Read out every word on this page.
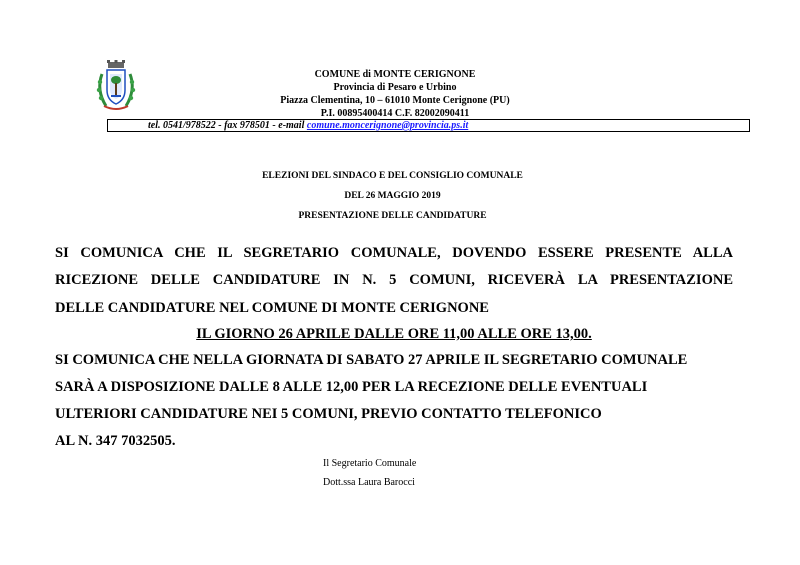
COMUNE di MONTE CERIGNONE
Provincia di Pesaro e Urbino
Piazza Clementina, 10 – 61010 Monte Cerignone (PU)
P.I. 00895400414 C.F. 82002090411
tel. 0541/978522 - fax 978501 - e-mail comune.moncerignone@provincia.ps.it
ELEZIONI DEL SINDACO E DEL CONSIGLIO COMUNALE
DEL 26 MAGGIO 2019
PRESENTAZIONE DELLE CANDIDATURE
SI COMUNICA CHE IL SEGRETARIO COMUNALE, DOVENDO ESSERE PRESENTE ALLA
RICEZIONE DELLE CANDIDATURE IN N. 5 COMUNI, RICEVERÀ LA PRESENTAZIONE
DELLE CANDIDATURE NEL COMUNE DI MONTE CERIGNONE
IL GIORNO 26 APRILE DALLE ORE 11,00 ALLE ORE 13,00.
SI COMUNICA CHE NELLA GIORNATA DI SABATO 27 APRILE IL SEGRETARIO COMUNALE
SARÀ A DISPOSIZIONE DALLE 8 ALLE 12,00 PER LA RECEZIONE DELLE EVENTUALI
ULTERIORI CANDIDATURE NEI 5 COMUNI, PREVIO CONTATTO TELEFONICO
AL N. 347 7032505.
Il Segretario Comunale
Dott.ssa Laura Barocci
